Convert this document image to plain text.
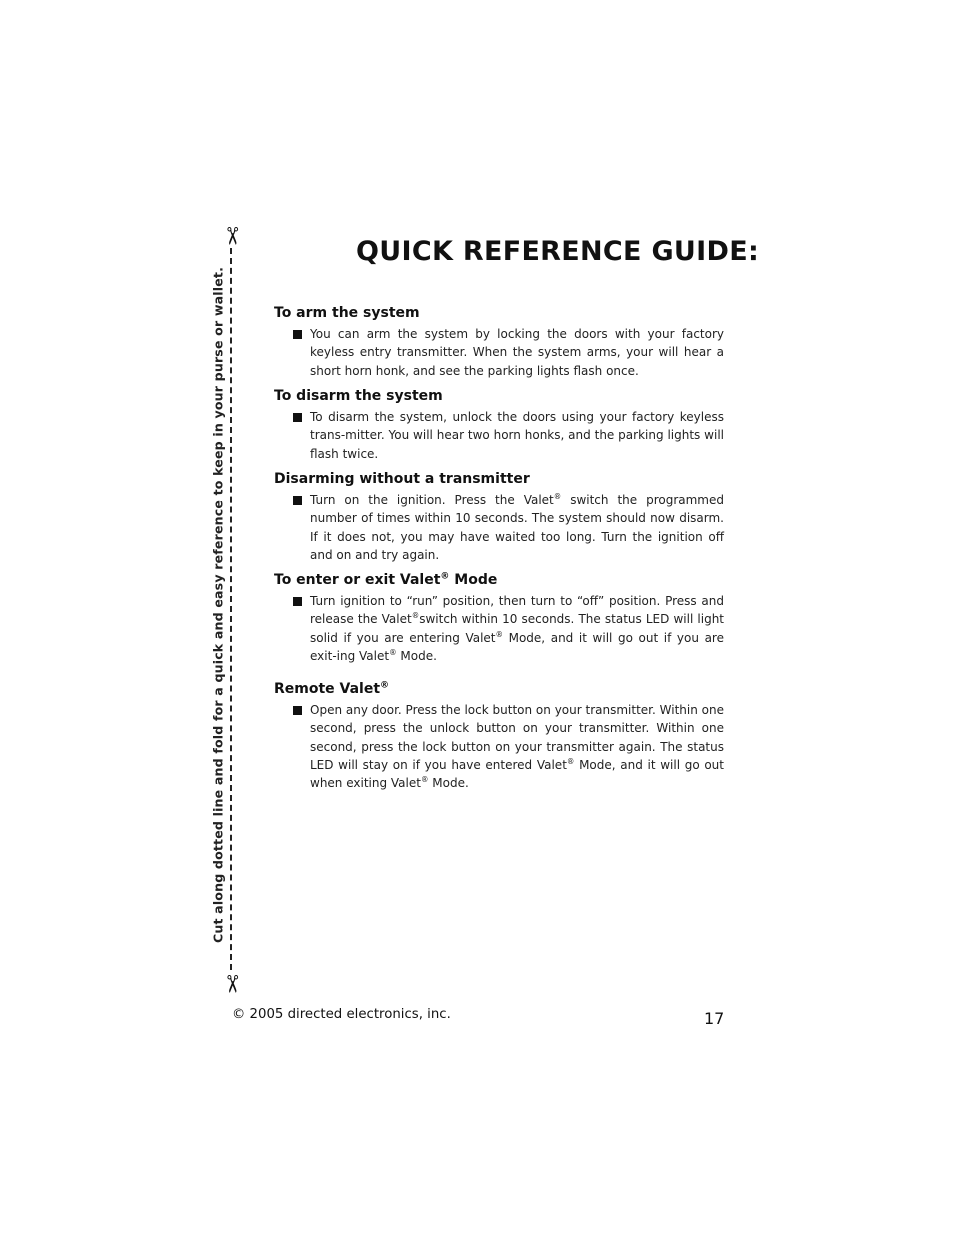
✂
✂
Cut along dotted line and fold for a quick and easy reference to keep in your purse or wallet.
QUICK REFERENCE GUIDE:
To arm the system

You can arm the system by locking the doors with your factory keyless entry transmitter. When the system arms, your will hear a short horn honk, and see the parking lights flash once.

To disarm the system

To disarm the system, unlock the doors using your factory keyless trans-mitter. You will hear two horn honks, and the parking lights will flash twice.

Disarming without a transmitter

Turn on the ignition. Press the Valet® switch the programmed number of times within 10 seconds. The system should now disarm. If it does not, you may have waited too long. Turn the ignition off and on and try again.

To enter or exit Valet® Mode

Turn ignition to “run” position, then turn to “off” position. Press and release the Valet®switch within 10 seconds. The status LED will light solid if you are entering Valet® Mode, and it will go out if you are exit-ing Valet® Mode.

Remote Valet®

Open any door. Press the lock button on your transmitter. Within one second, press the unlock button on your transmitter. Within one second, press the lock button on your transmitter again. The status LED will stay on if you have entered Valet® Mode, and it will go out when exiting Valet® Mode.

© 2005 directed electronics, inc.	17
